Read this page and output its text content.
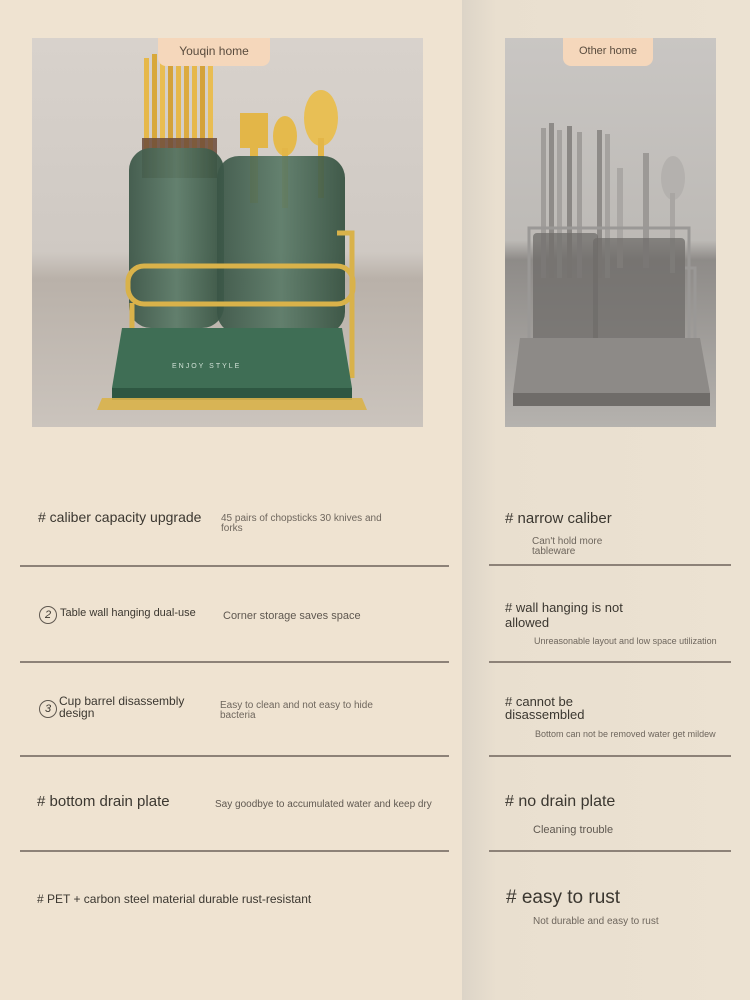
ENJOY STYLE
Youqin home	Other home
# caliber capacity upgrade 45 pairs of chopsticks 30 knives and forks
2 Table wall hanging dual-use Corner storage saves space
3
Cup barrel disassembly design
Easy to clean and not easy to hide bacteria
# bottom drain plate	Say goodbye to accumulated water and keep dry
# PET + carbon steel material durable rust-resistant
# narrow caliber
Can't hold more tableware
# wall hanging is not allowed
Unreasonable layout and low space utilization
# cannot be disassembled
Bottom can not be removed water get mildew
# no drain plate
Cleaning trouble
# easy to rust
Not durable and easy to rust
